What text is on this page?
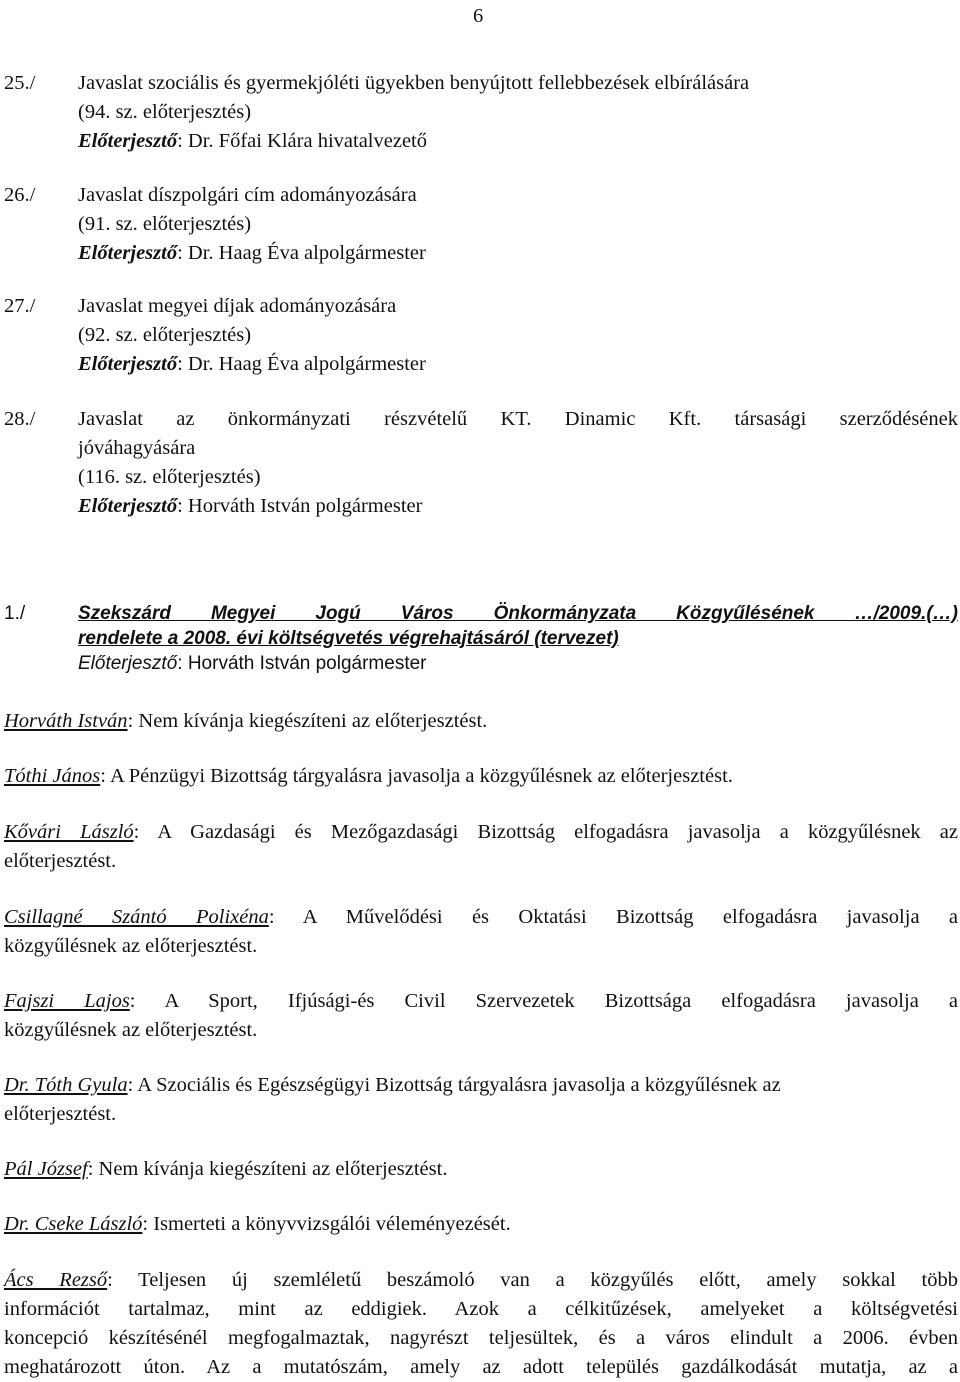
6
25./ Javaslat szociális és gyermekjóléti ügyekben benyújtott fellebbezések elbírálására
(94. sz. előterjesztés)
Előterjesztő: Dr. Főfai Klára hivatalvezető
26./ Javaslat díszpolgári cím adományozására
(91. sz. előterjesztés)
Előterjesztő: Dr. Haag Éva alpolgármester
27./ Javaslat megyei díjak adományozására
(92. sz. előterjesztés)
Előterjesztő: Dr. Haag Éva alpolgármester
28./ Javaslat az önkormányzati részvételű KT. Dinamic Kft. társasági szerződésének
jóváhagyására
(116. sz. előterjesztés)
Előterjesztő: Horváth István polgármester
1./	Szekszárd Megyei Jogú Város Önkormányzata Közgyűlésének …/2009.(…)
rendelete a 2008. évi költségvetés végrehajtásáról (tervezet)
Előterjesztő: Horváth István polgármester
Horváth István: Nem kívánja kiegészíteni az előterjesztést.
Tóthi János: A Pénzügyi Bizottság tárgyalásra javasolja a közgyűlésnek az előterjesztést.
Kővári László: A Gazdasági és Mezőgazdasági Bizottság elfogadásra javasolja a közgyűlésnek az
előterjesztést.
Csillagné Szántó Polixéna: A Művelődési és Oktatási Bizottság elfogadásra javasolja a
közgyűlésnek az előterjesztést.
Fajszi Lajos: A Sport, Ifjúsági-és Civil Szervezetek Bizottsága elfogadásra javasolja a
közgyűlésnek az előterjesztést.
Dr. Tóth Gyula: A Szociális és Egészségügyi Bizottság tárgyalásra javasolja a közgyűlésnek az
előterjesztést.
Pál József: Nem kívánja kiegészíteni az előterjesztést.
Dr. Cseke László: Ismerteti a könyvvizsgálói véleményezését.
Ács Rezső: Teljesen új szemléletű beszámoló van a közgyűlés előtt, amely sokkal több
információt tartalmaz, mint az eddigiek. Azok a célkitűzések, amelyeket a költségvetési
koncepció készítésénél megfogalmaztak, nagyrészt teljesültek, és a város elindult a 2006. évben
meghatározott úton. Az a mutatószám, amely az adott település gazdálkodását mutatja, az a
